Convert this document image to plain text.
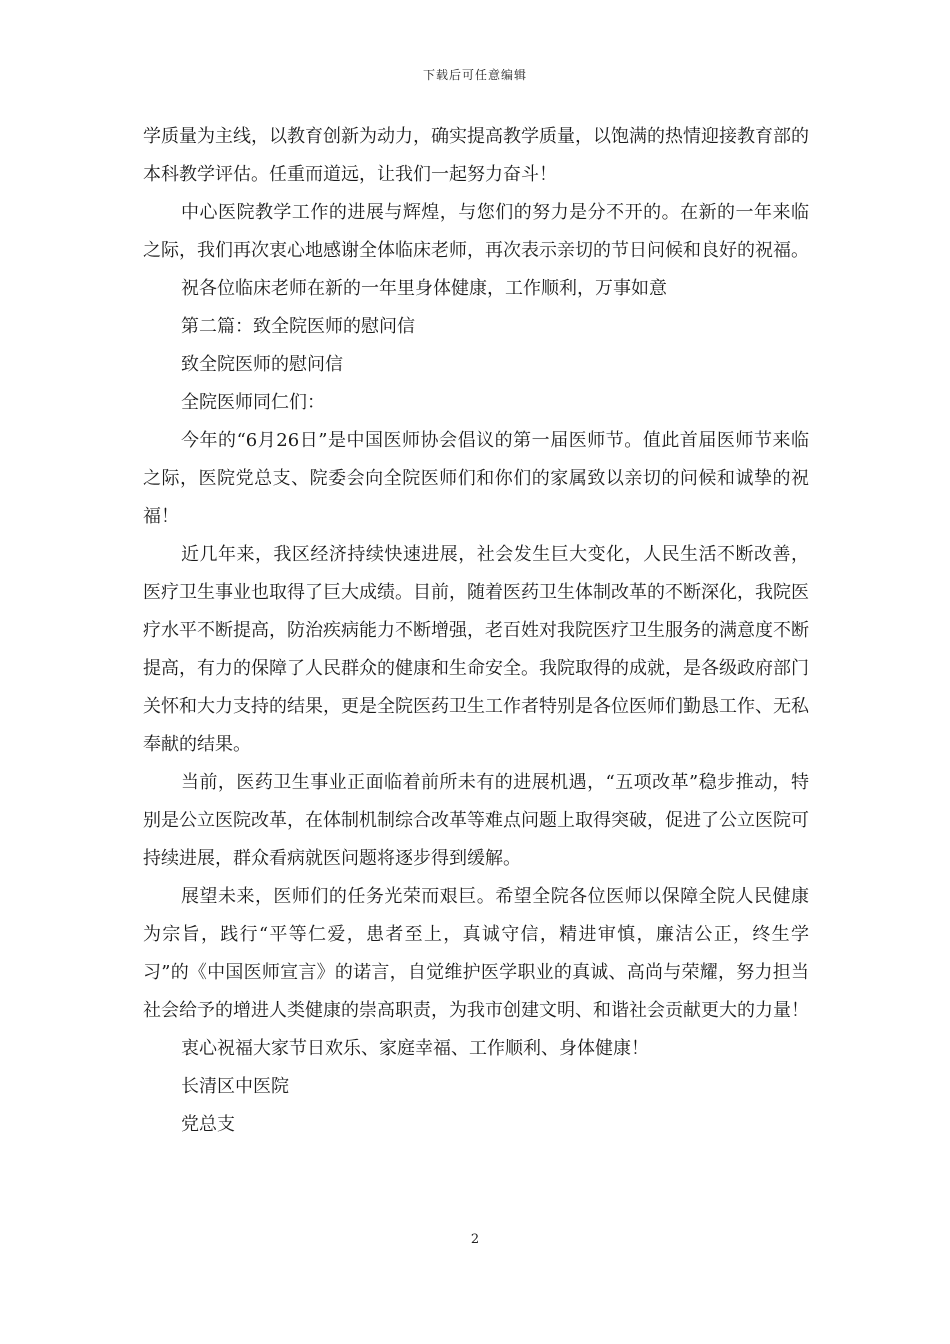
下载后可任意编辑

学质量为主线，以教育创新为动力，确实提高教学质量，以饱满的热情迎接教育部的本科教学评估。任重而道远，让我们一起努力奋斗！

中心医院教学工作的进展与辉煌，与您们的努力是分不开的。在新的一年来临之际，我们再次衷心地感谢全体临床老师，再次表示亲切的节日问候和良好的祝福。

祝各位临床老师在新的一年里身体健康，工作顺利，万事如意

第二篇：致全院医师的慰问信

致全院医师的慰问信

全院医师同仁们：

今年的“6月26日”是中国医师协会倡议的第一届医师节。值此首届医师节来临之际，医院党总支、院委会向全院医师们和你们的家属致以亲切的问候和诚挚的祝福！

近几年来，我区经济持续快速进展，社会发生巨大变化，人民生活不断改善，医疗卫生事业也取得了巨大成绩。目前，随着医药卫生体制改革的不断深化，我院医疗水平不断提高，防治疾病能力不断增强，老百姓对我院医疗卫生服务的满意度不断提高，有力的保障了人民群众的健康和生命安全。我院取得的成就，是各级政府部门关怀和大力支持的结果，更是全院医药卫生工作者特别是各位医师们勤恳工作、无私奉献的结果。

当前，医药卫生事业正面临着前所未有的进展机遇，“五项改革”稳步推动，特别是公立医院改革，在体制机制综合改革等难点问题上取得突破，促进了公立医院可持续进展，群众看病就医问题将逐步得到缓解。

展望未来，医师们的任务光荣而艰巨。希望全院各位医师以保障全院人民健康为宗旨，践行“平等仁爱，患者至上，真诚守信，精进审慎，廉洁公正，终生学习”的《中国医师宣言》的诺言，自觉维护医学职业的真诚、高尚与荣耀，努力担当社会给予的增进人类健康的崇高职责，为我市创建文明、和谐社会贡献更大的力量！

衷心祝福大家节日欢乐、家庭幸福、工作顺利、身体健康！

长清区中医院

党总支

2
